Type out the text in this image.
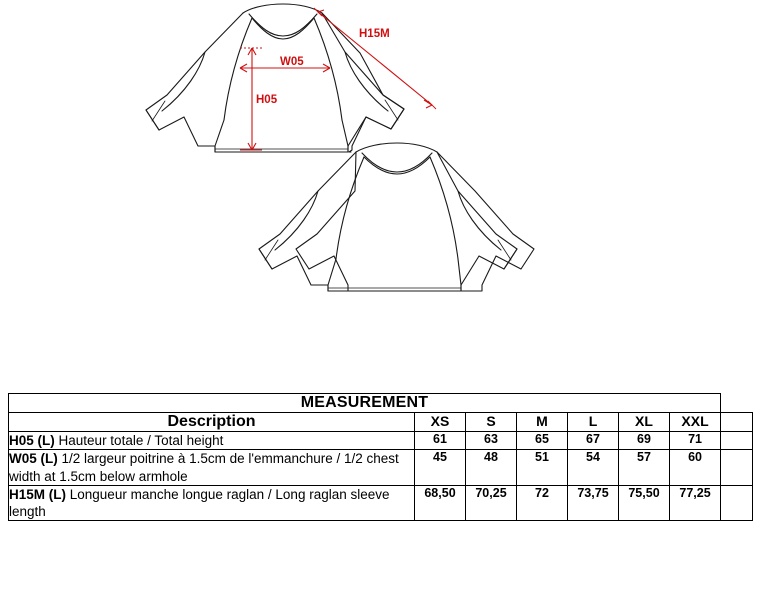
H15M
W05
H05
MEASUREMENT							
Description	XS	S	M	L	XL	XXL	
H05 (L) Hauteur totale / Total height	61	63	65	67	69	71	
W05 (L) 1/2 largeur poitrine à 1.5cm de l'emmanchure / 1/2 chest width at 1.5cm below armhole	45	48	51	54	57	60	
H15M (L) Longueur manche longue raglan / Long raglan sleeve length	68,50	70,25	72	73,75	75,50	77,25	
